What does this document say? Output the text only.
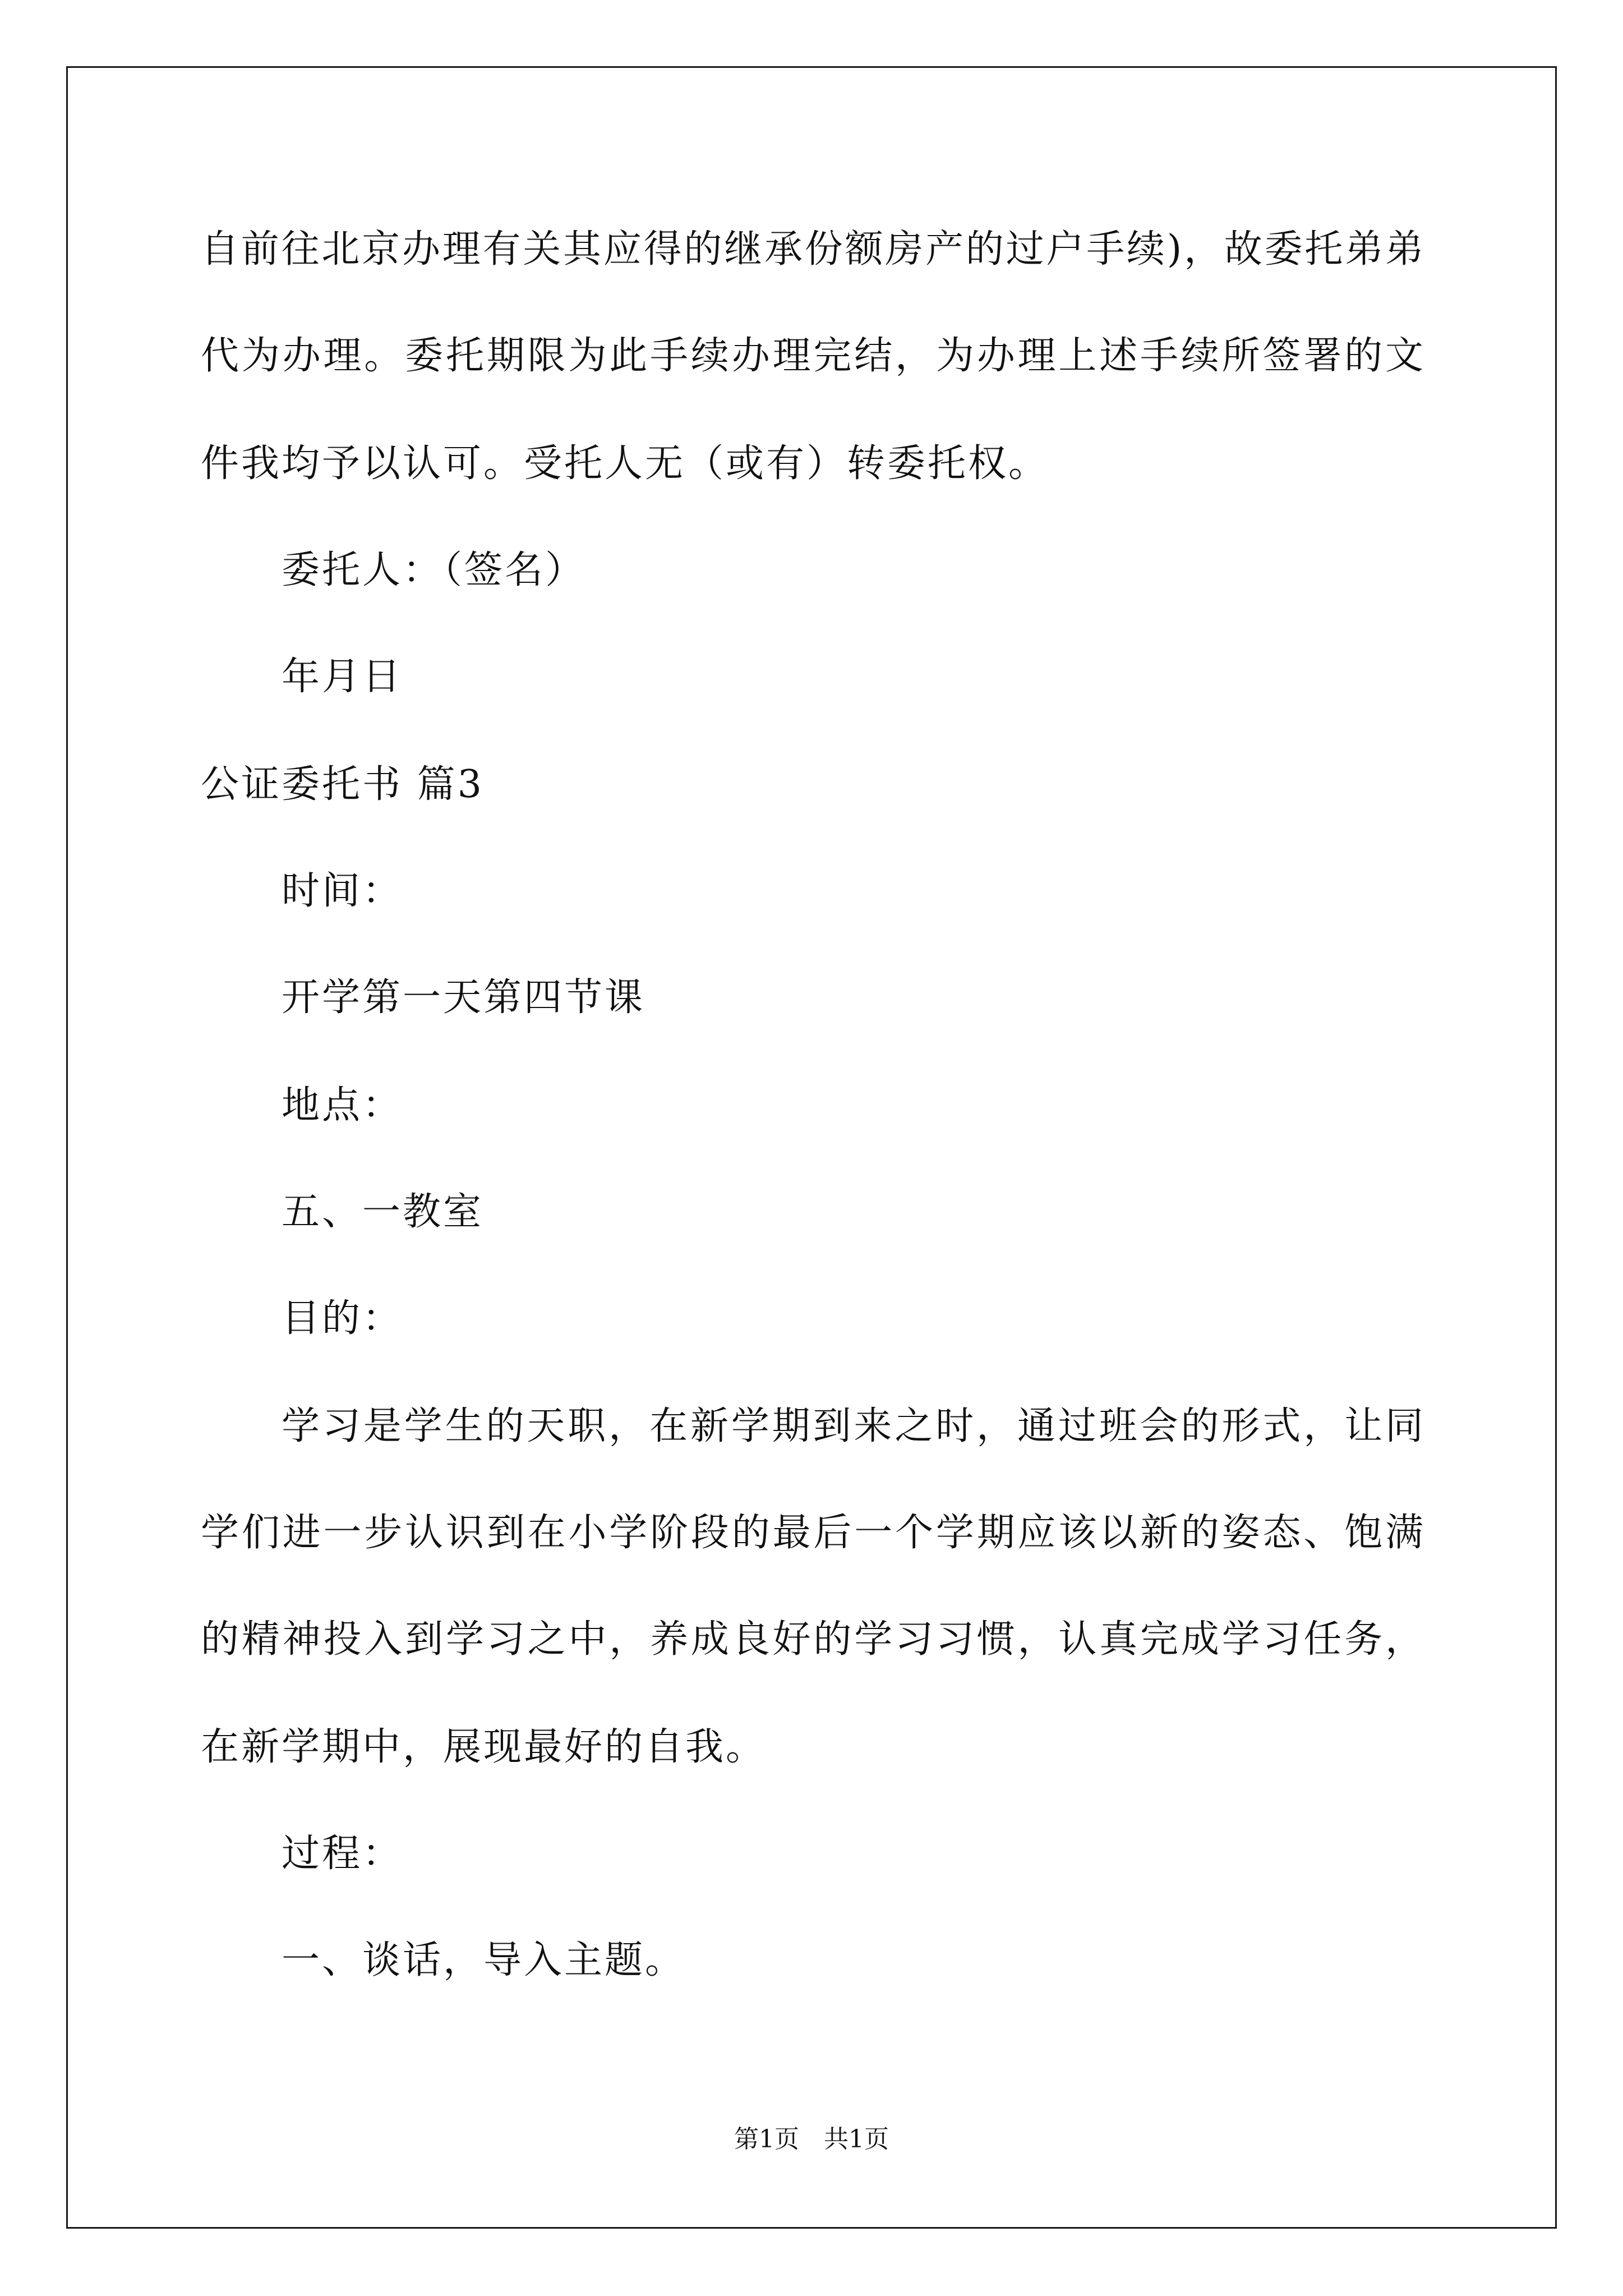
自前往北京办理有关其应得的继承份额房产的过户手续)，故委托弟弟
代为办理。委托期限为此手续办理完结，为办理上述手续所签署的文
件我均予以认可。受托人无（或有）转委托权。
委托人：（签名）
年月日
公证委托书 篇3
时间：
开学第一天第四节课
地点：
五、一教室
目的：
学习是学生的天职，在新学期到来之时，通过班会的形式，让同
学们进一步认识到在小学阶段的最后一个学期应该以新的姿态、饱满
的精神投入到学习之中，养成良好的学习习惯，认真完成学习任务，
在新学期中，展现最好的自我。
过程：
一、谈话，导入主题。
第1页　共1页
